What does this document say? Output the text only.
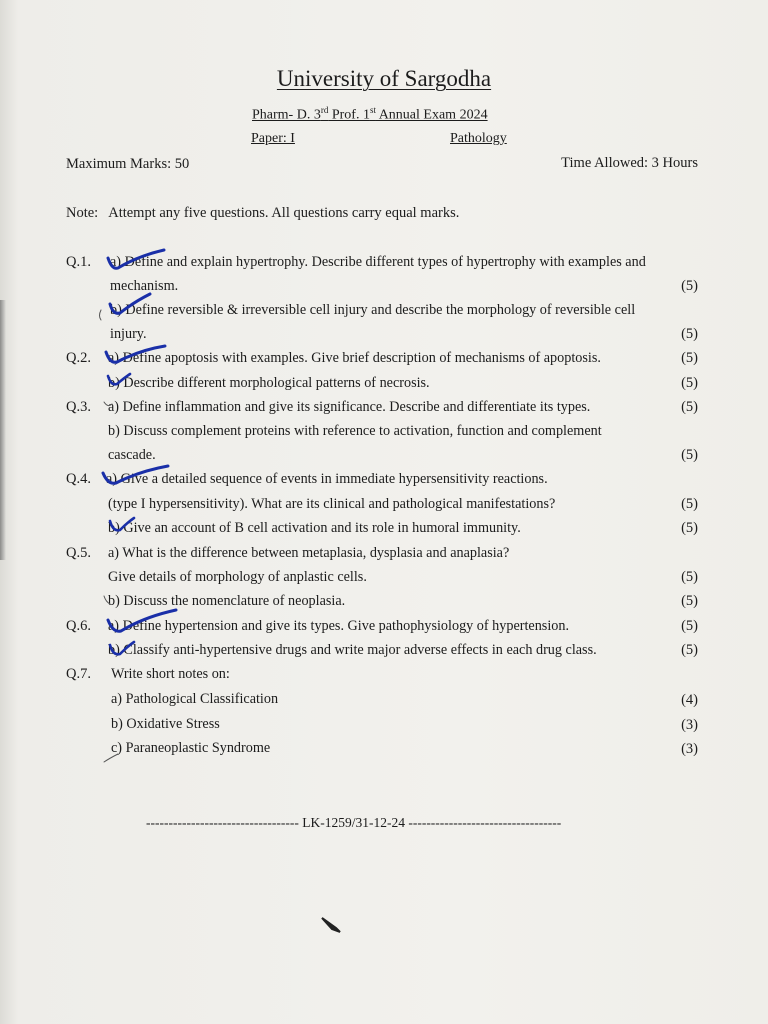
University of Sargodha
Pharm- D. 3rd Prof. 1st Annual Exam 2024
Paper: I	Pathology
Maximum Marks: 50	Time Allowed: 3 Hours
Note: Attempt any five questions. All questions carry equal marks.
Q.1. a) Define and explain hypertrophy. Describe different types of hypertrophy with examples and
mechanism.	(5)
b) Define reversible & irreversible cell injury and describe the morphology of reversible cell
injury.	(5)
Q.2. a) Define apoptosis with examples. Give brief description of mechanisms of apoptosis.	(5)
b) Describe different morphological patterns of necrosis.	(5)
Q.3. a) Define inflammation and give its significance. Describe and differentiate its types.	(5)
b) Discuss complement proteins with reference to activation, function and complement
cascade.	(5)
Q.4. a) Give a detailed sequence of events in immediate hypersensitivity reactions.
(type I hypersensitivity). What are its clinical and pathological manifestations?	(5)
b) Give an account of B cell activation and its role in humoral immunity.	(5)
Q.5. a) What is the difference between metaplasia, dysplasia and anaplasia?
Give details of morphology of anplastic cells.	(5)
b) Discuss the nomenclature of neoplasia.	(5)
Q.6. a) Define hypertension and give its types. Give pathophysiology of hypertension.	(5)
b) Classify anti-hypertensive drugs and write major adverse effects in each drug class.	(5)
Q.7. Write short notes on:
a) Pathological Classification	(4)
b) Oxidative Stress	(3)
c) Paraneoplastic Syndrome	(3)
---------------------------------- LK-1259/31-12-24 ----------------------------------
